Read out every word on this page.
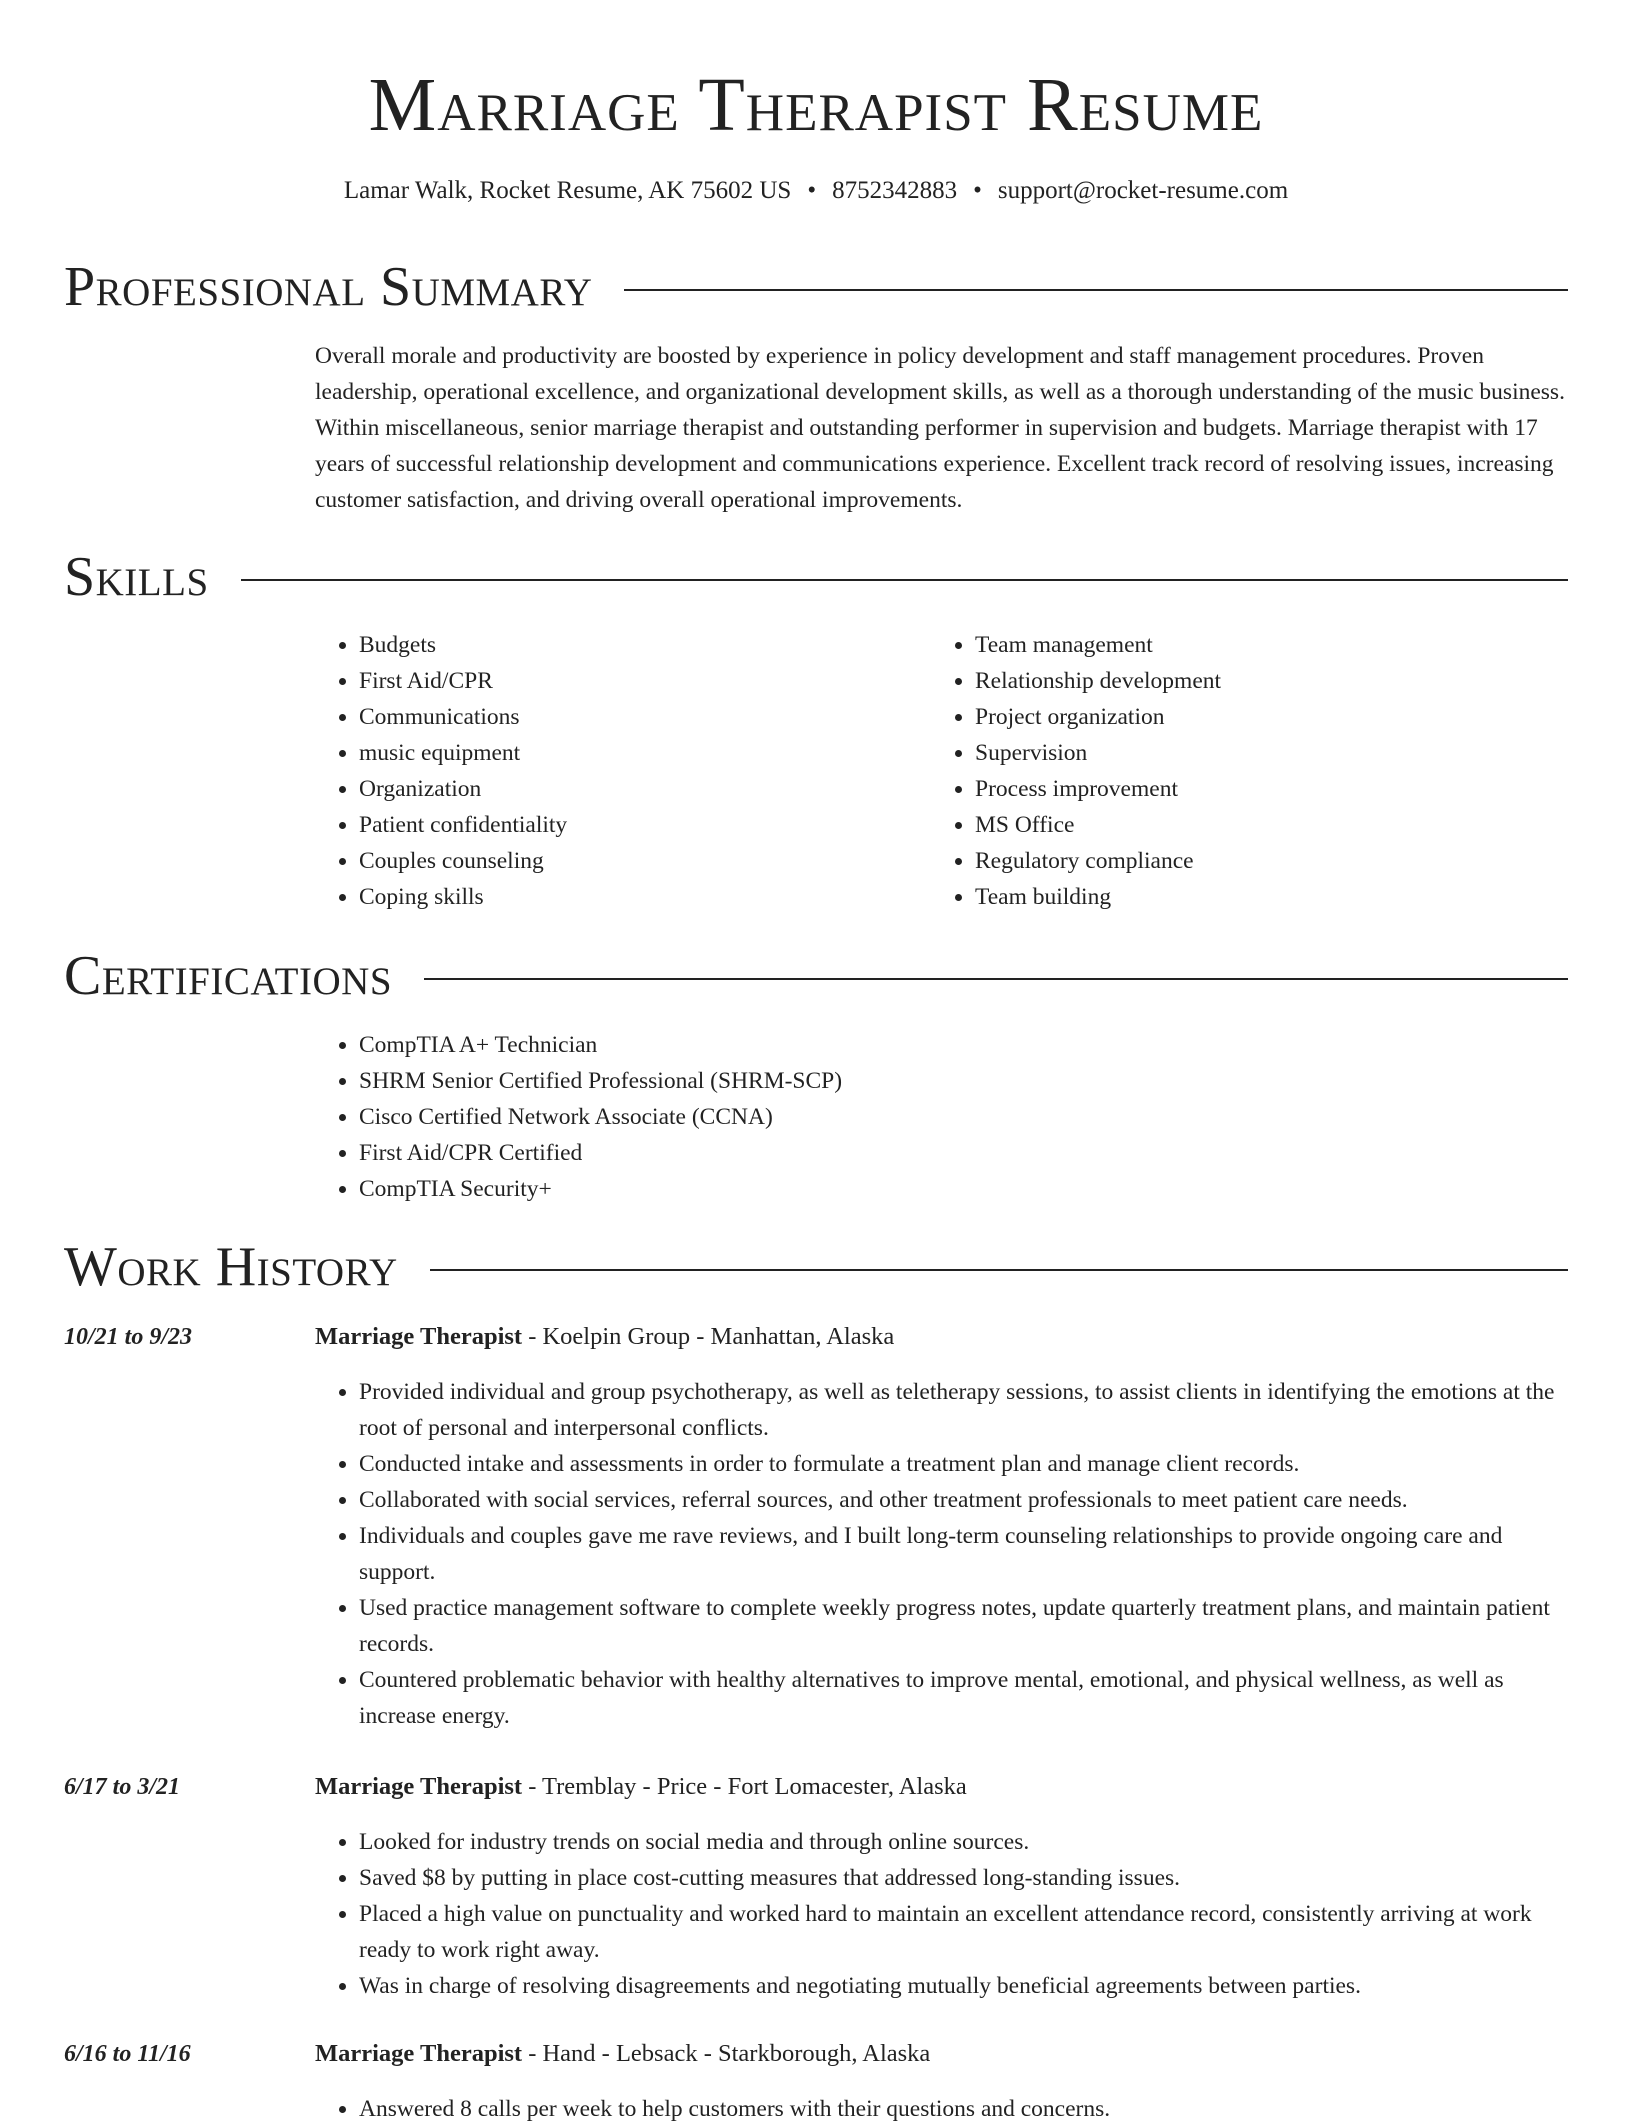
Marriage Therapist Resume
Lamar Walk, Rocket Resume, AK 75602 US • 8752342883 • support@rocket-resume.com
Professional Summary

Overall morale and productivity are boosted by experience in policy development and staff management procedures. Proven leadership, operational excellence, and organizational development skills, as well as a thorough understanding of the music business. Within miscellaneous, senior marriage therapist and outstanding performer in supervision and budgets. Marriage therapist with 17 years of successful relationship development and communications experience. Excellent track record of resolving issues, increasing customer satisfaction, and driving overall operational improvements.

Skills
• Budgets
• First Aid/CPR
• Communications
• music equipment
• Organization
• Patient confidentiality
• Couples counseling
• Coping skills
• Team management
• Relationship development
• Project organization
• Supervision
• Process improvement
• MS Office
• Regulatory compliance
• Team building
Certifications
• CompTIA A+ Technician
• SHRM Senior Certified Professional (SHRM-SCP)
• Cisco Certified Network Associate (CCNA)
• First Aid/CPR Certified
• CompTIA Security+
Work History
10/21 to 9/23	Marriage Therapist - Koelpin Group - Manhattan, Alaska
• Provided individual and group psychotherapy, as well as teletherapy sessions, to assist clients in identifying the emotions at the root of personal and interpersonal conflicts.
• Conducted intake and assessments in order to formulate a treatment plan and manage client records.
• Collaborated with social services, referral sources, and other treatment professionals to meet patient care needs.
• Individuals and couples gave me rave reviews, and I built long-term counseling relationships to provide ongoing care and support.
• Used practice management software to complete weekly progress notes, update quarterly treatment plans, and maintain patient records.
• Countered problematic behavior with healthy alternatives to improve mental, emotional, and physical wellness, as well as increase energy.
6/17 to 3/21	Marriage Therapist - Tremblay - Price - Fort Lomacester, Alaska
• Looked for industry trends on social media and through online sources.
• Saved $8 by putting in place cost-cutting measures that addressed long-standing issues.
• Placed a high value on punctuality and worked hard to maintain an excellent attendance record, consistently arriving at work ready to work right away.
• Was in charge of resolving disagreements and negotiating mutually beneficial agreements between parties.
6/16 to 11/16	Marriage Therapist - Hand - Lebsack - Starkborough, Alaska
• Answered 8 calls per week to help customers with their questions and concerns.
